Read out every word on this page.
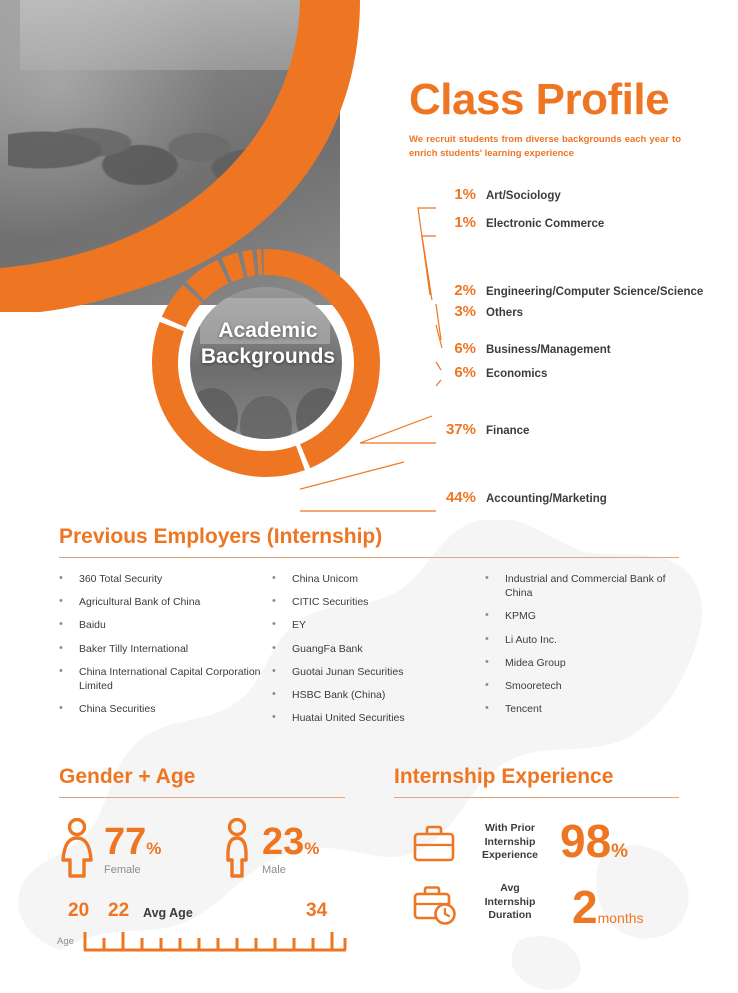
Class Profile
We recruit students from diverse backgrounds each year to enrich students' learning experience
Academic
Backgrounds
1% Art/Sociology
1% Electronic Commerce
2% Engineering/Computer Science/Science
3% Others
6% Business/Management
6% Economics
37% Finance
44% Accounting/Marketing
Previous Employers (Internship)
•	360 Total Security
•	Agricultural Bank of China
•	Baidu
•	Baker Tilly International
•	China International Capital Corporation Limited
•	China Securities
•	China Unicom
•	CITIC Securities
•	EY
•	GuangFa Bank
•	Guotai Junan Securities
•	HSBC Bank (China)
•	Huatai United Securities
•	Industrial and Commercial Bank of China
•	KPMG
•	Li Auto Inc.
•	Midea Group
•	Smooretech
•	Tencent
Gender + Age
77%
Female
23%
Male
20 22 Avg Age	34
Age
Internship Experience
With Prior
Internship
Experience 98%
Avg
Internship
Duration 2months
